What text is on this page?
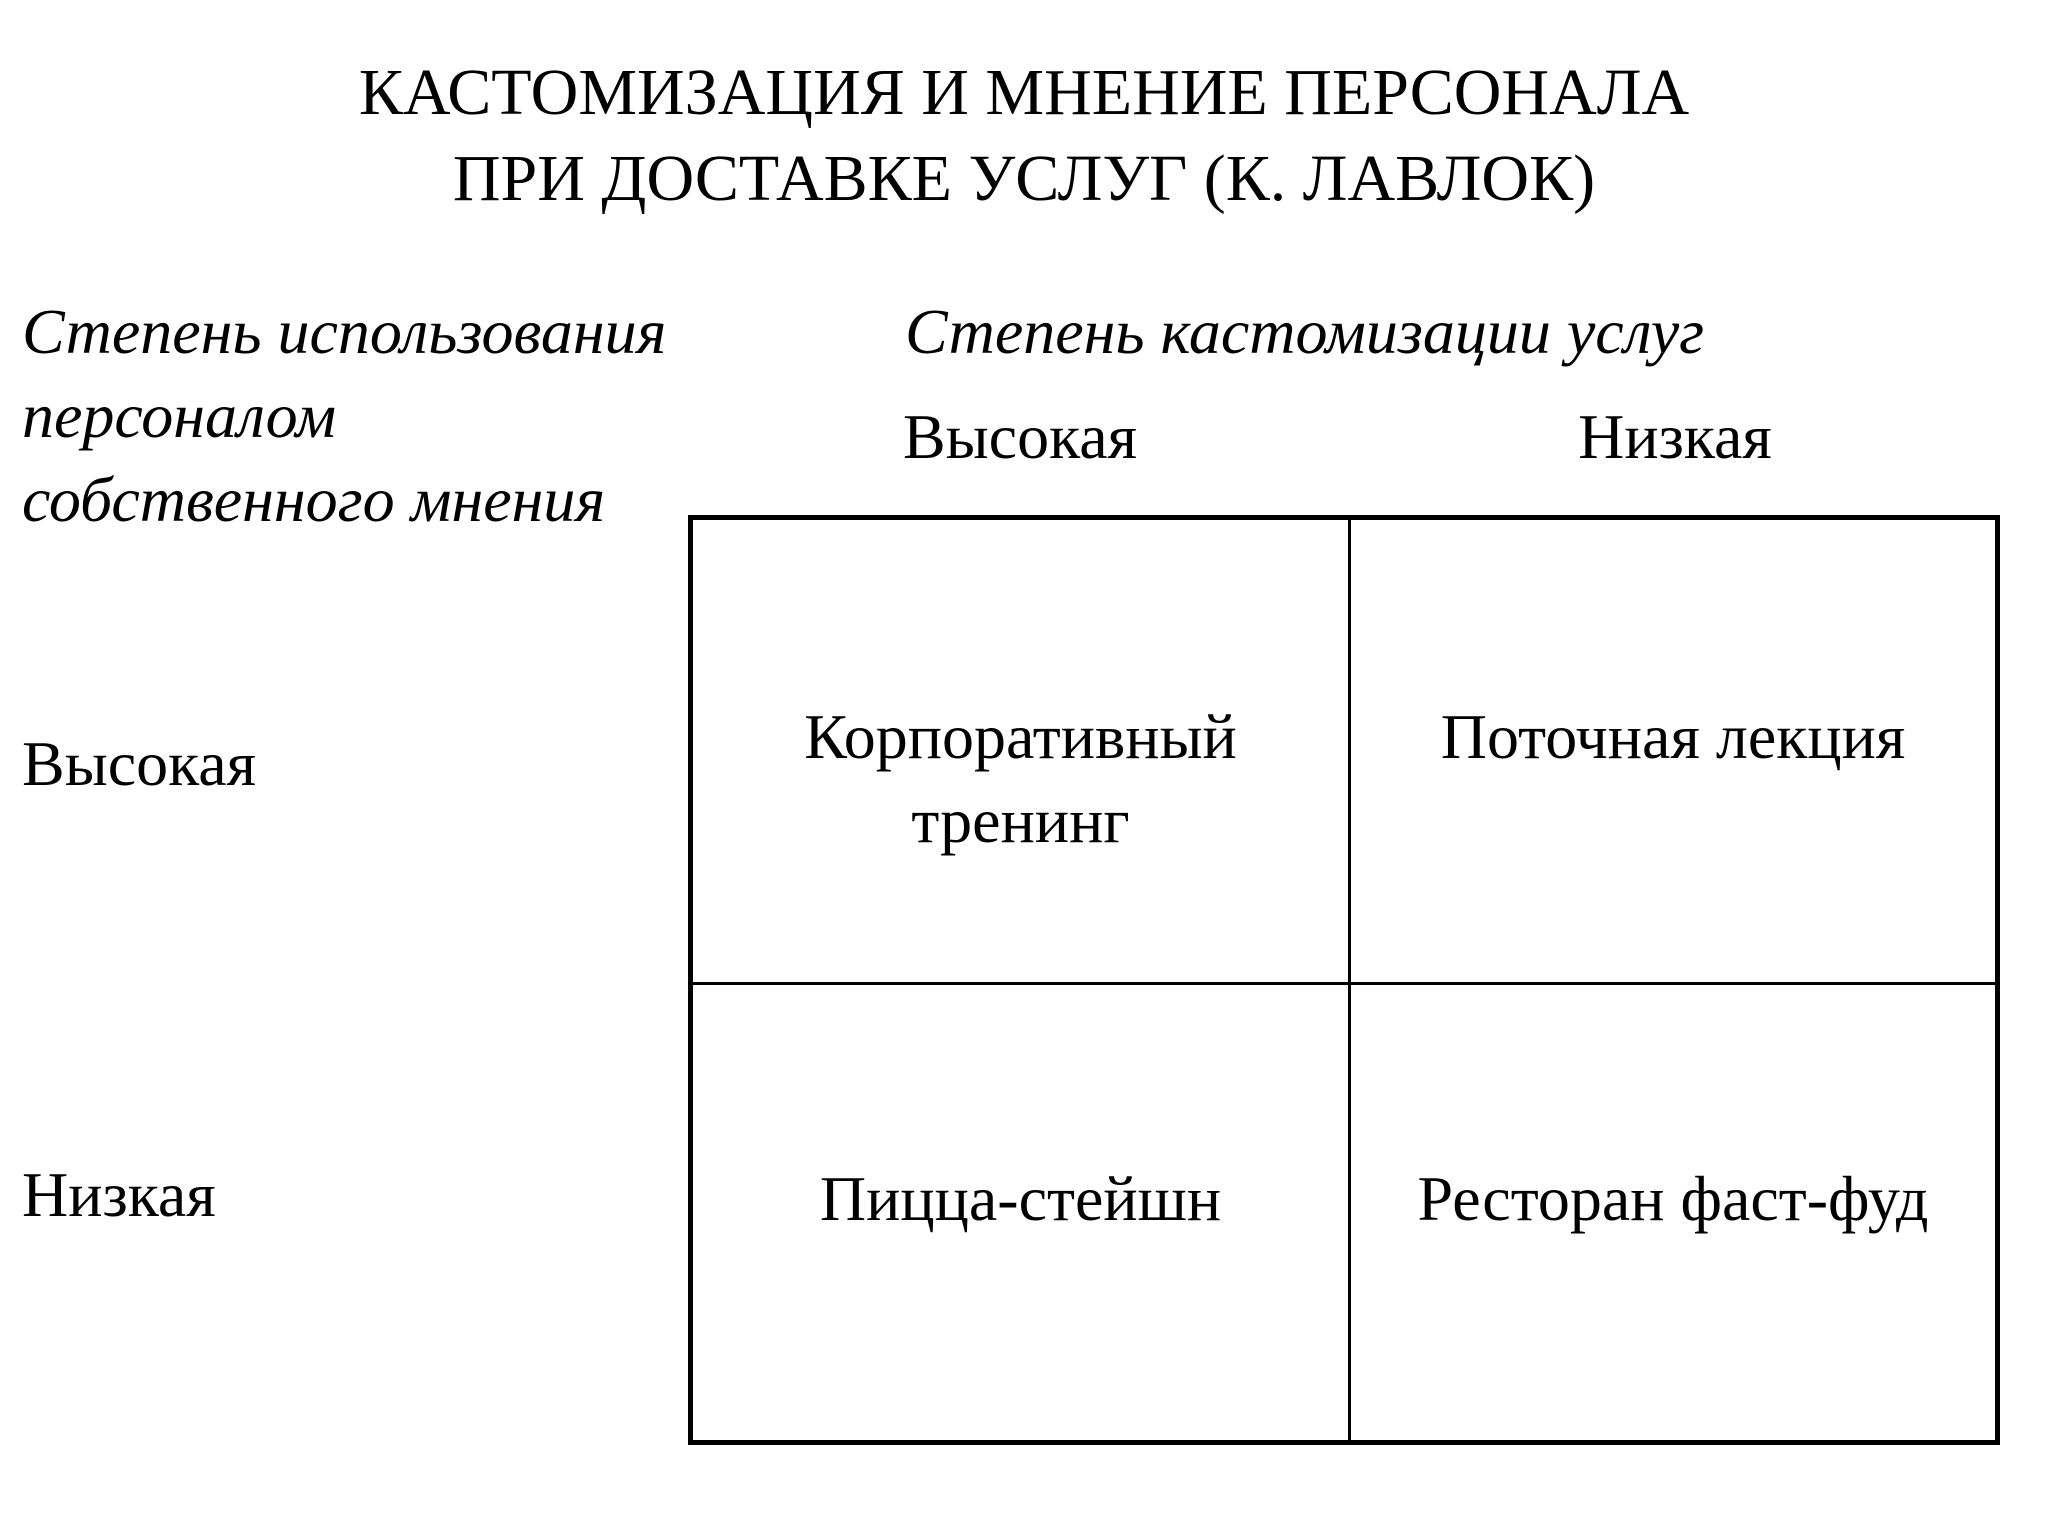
КАСТОМИЗАЦИЯ И МНЕНИЕ ПЕРСОНАЛА
ПРИ ДОСТАВКЕ УСЛУГ (К. ЛАВЛОК)
Степень использования
персоналом
собственного мнения
Степень кастомизации услуг
Высокая	Низкая
Высокая
Низкая
Корпоративный
тренинг
Поточная лекция
Пицца-стейшн	Ресторан фаст-фуд
